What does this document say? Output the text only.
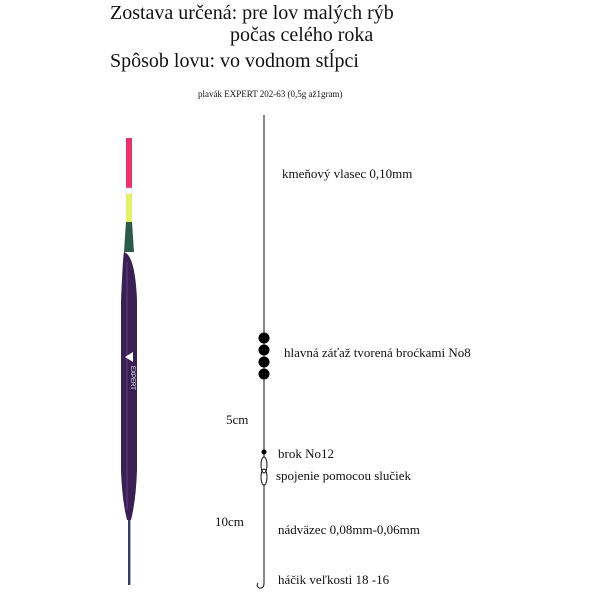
Zostava určená: pre lov malých rýb
počas celého roka
Spôsob lovu: vo vodnom stĺpci
plavák EXPERT 202-63 (0,5g až1gram)
EXPERT
kmeňový vlasec 0,10mm
hlavná záťaž tvorená broćkami No8
5cm
brok No12
spojenie pomocou slučiek
10cm
nádväzec 0,08mm-0,06mm
háčik veľkosti 18 -16
